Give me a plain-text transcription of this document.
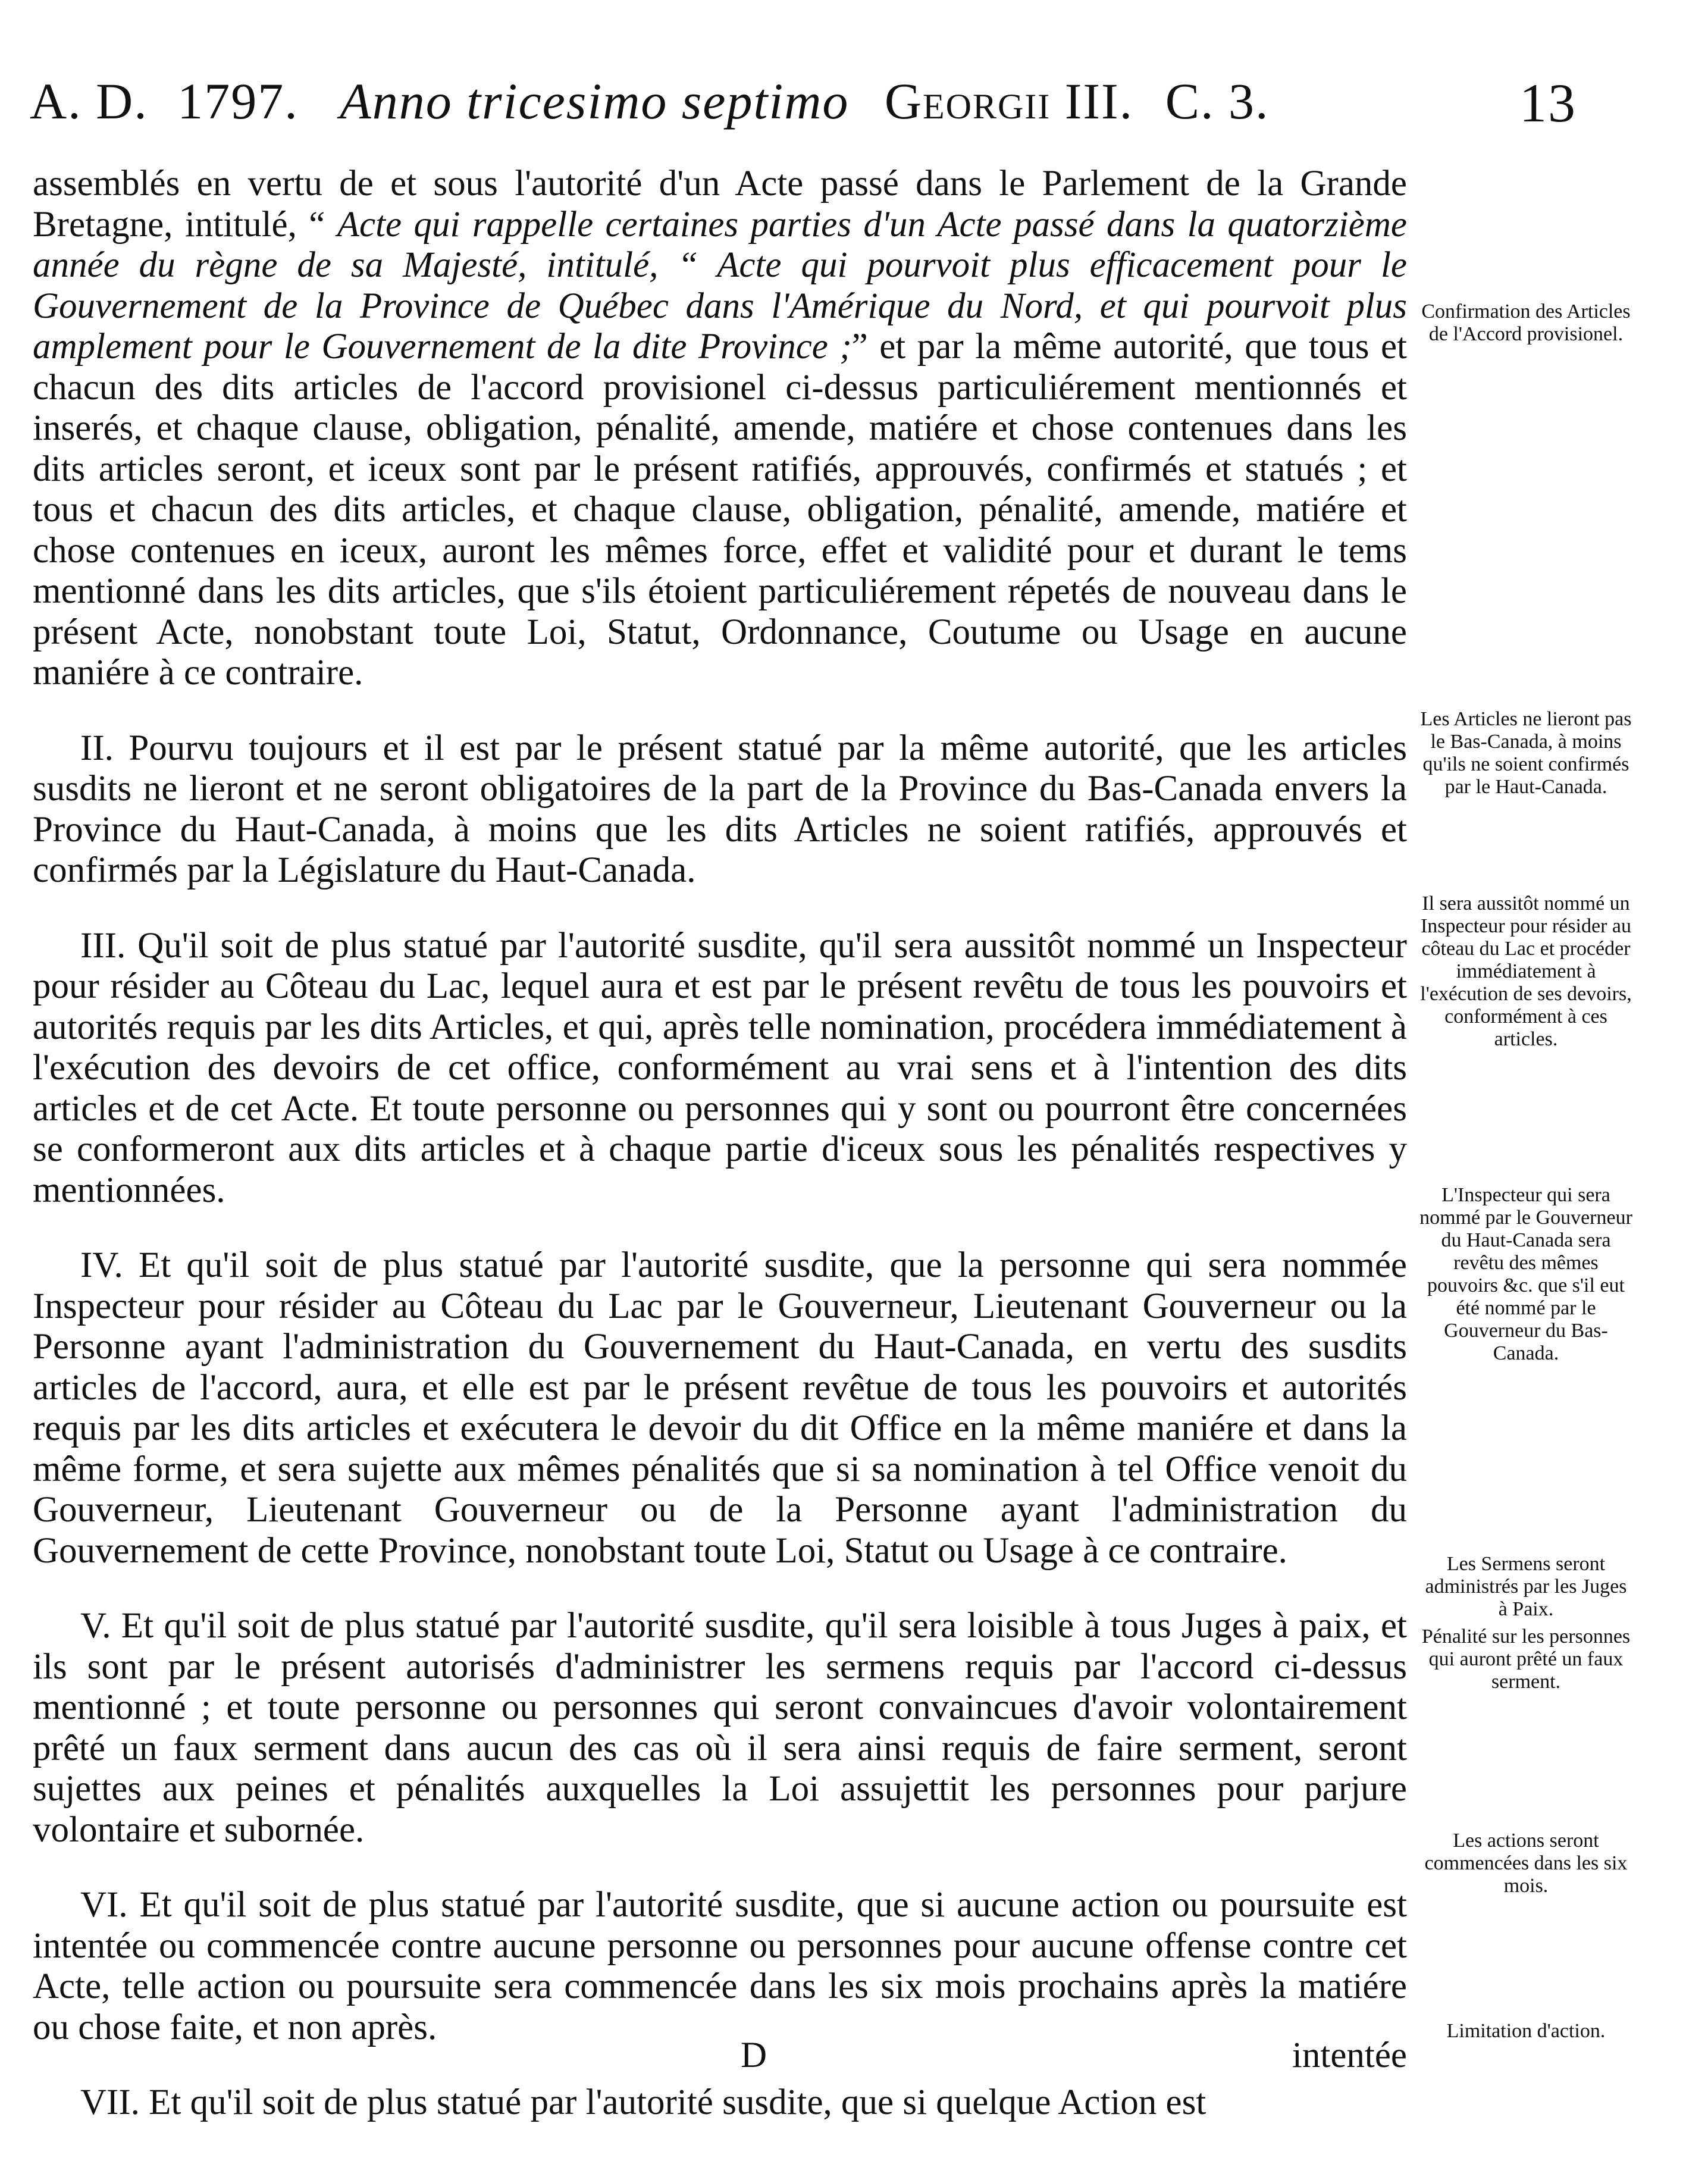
A. D. 1797. Anno tricesimo septimo Georgii III. C. 3.	13

assemblés en vertu de et sous l'autorité d'un Acte passé dans le Parlement de la Grande Bretagne, intitulé, “ Acte qui rappelle certaines parties d'un Acte passé dans la quatorzième année du règne de sa Majesté, intitulé, “ Acte qui pourvoit plus efficacement pour le Gouvernement de la Province de Québec dans l'Amérique du Nord, et qui pourvoit plus amplement pour le Gouvernement de la dite Province ;” et par la même autorité, que tous et chacun des dits articles de l'accord provisionel ci-dessus particuliérement mentionnés et inserés, et chaque clause, obligation, pénalité, amende, matiére et chose contenues dans les dits articles seront, et iceux sont par le présent ratifiés, approuvés, confirmés et statués ; et tous et chacun des dits articles, et chaque clause, obligation, pénalité, amende, matiére et chose contenues en iceux, auront les mêmes force, effet et validité pour et durant le tems mentionné dans les dits articles, que s'ils étoient particuliérement répetés de nouveau dans le présent Acte, nonobstant toute Loi, Statut, Ordonnance, Coutume ou Usage en aucune maniére à ce contraire.

II. Pourvu toujours et il est par le présent statué par la même autorité, que les articles susdits ne lieront et ne seront obligatoires de la part de la Province du Bas-Canada envers la Province du Haut-Canada, à moins que les dits Articles ne soient ratifiés, approuvés et confirmés par la Législature du Haut-Canada.

III. Qu'il soit de plus statué par l'autorité susdite, qu'il sera aussitôt nommé un Inspecteur pour résider au Côteau du Lac, lequel aura et est par le présent revêtu de tous les pouvoirs et autorités requis par les dits Articles, et qui, après telle nomination, procédera immédiatement à l'exécution des devoirs de cet office, conformément au vrai sens et à l'intention des dits articles et de cet Acte. Et toute personne ou personnes qui y sont ou pourront être concernées se conformeront aux dits articles et à chaque partie d'iceux sous les pénalités respectives y mentionnées.

IV. Et qu'il soit de plus statué par l'autorité susdite, que la personne qui sera nommée Inspecteur pour résider au Côteau du Lac par le Gouverneur, Lieutenant Gouverneur ou la Personne ayant l'administration du Gouvernement du Haut-Canada, en vertu des susdits articles de l'accord, aura, et elle est par le présent revêtue de tous les pouvoirs et autorités requis par les dits articles et exécutera le devoir du dit Office en la même maniére et dans la même forme, et sera sujette aux mêmes pénalités que si sa nomination à tel Office venoit du Gouverneur, Lieutenant Gouverneur ou de la Personne ayant l'administration du Gouvernement de cette Province, nonobstant toute Loi, Statut ou Usage à ce contraire.

V. Et qu'il soit de plus statué par l'autorité susdite, qu'il sera loisible à tous Juges à paix, et ils sont par le présent autorisés d'administrer les sermens requis par l'accord ci-dessus mentionné ; et toute personne ou personnes qui seront convaincues d'avoir volontairement prêté un faux serment dans aucun des cas où il sera ainsi requis de faire serment, seront sujettes aux peines et pénalités auxquelles la Loi assujettit les personnes pour parjure volontaire et subornée.

VI. Et qu'il soit de plus statué par l'autorité susdite, que si aucune action ou poursuite est intentée ou commencée contre aucune personne ou personnes pour aucune offense contre cet Acte, telle action ou poursuite sera commencée dans les six mois prochains après la matiére ou chose faite, et non après.

VII. Et qu'il soit de plus statué par l'autorité susdite, que si quelque Action est

D	intentée

Confirmation des Articles de l'Accord provisionel.

Les Articles ne lieront pas le Bas-Canada, à moins qu'ils ne soient confirmés par le Haut-Canada.

Il sera aussitôt nommé un Inspecteur pour résider au côteau du Lac et procéder immédiatement à l'exécution de ses devoirs, conformément à ces articles.

L'Inspecteur qui sera nommé par le Gouverneur du Haut-Canada sera revêtu des mêmes pouvoirs &c. que s'il eut été nommé par le Gouverneur du Bas-Canada.

Les Sermens seront administrés par les Juges à Paix.

Pénalité sur les personnes qui auront prêté un faux serment.

Les actions seront commencées dans les six mois.

Limitation d'action.
